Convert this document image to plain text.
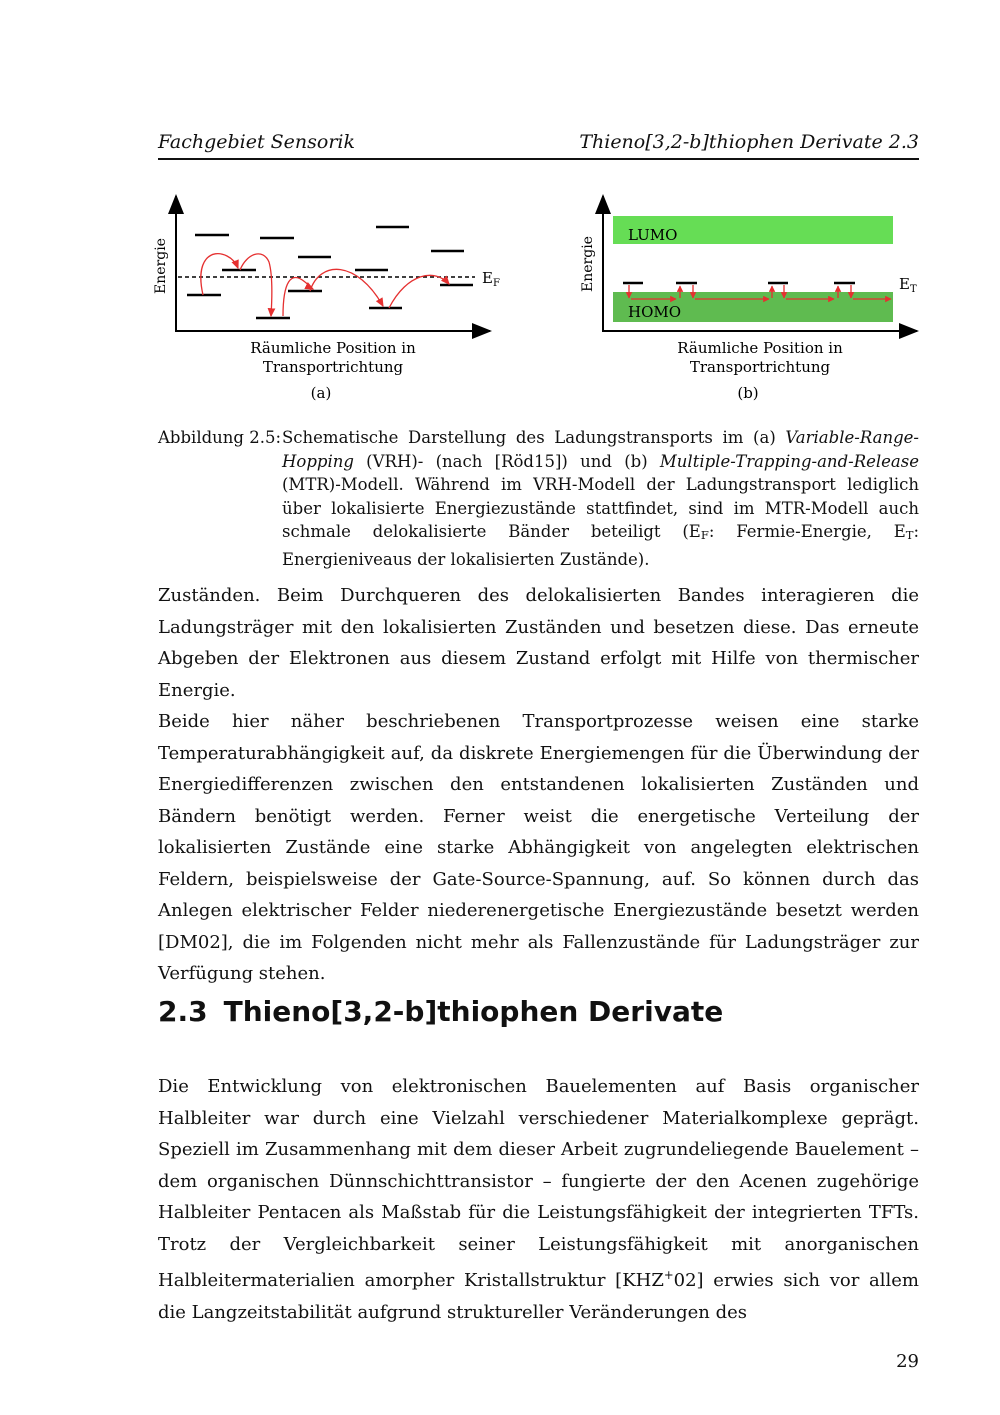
Fachgebiet Sensorik	Thieno[3,2-b]thiophen Derivate 2.3
Energie	$E_F$
Räumliche Position in
Transportrichtung
(a)
Energie
LUMO
HOMO
$E_T$
Räumliche Position in
Transportrichtung
(b)
Abbildung 2.5: Schematische Darstellung des Ladungstransports im (a) Variable-Range-Hopping (VRH)- (nach [Röd15]) und (b) Multiple-Trapping-and-Release (MTR)-Modell. Während im VRH-Modell der Ladungstransport lediglich über lokalisierte Energiezustände stattfindet, sind im MTR-Modell auch schmale delokalisierte Bänder beteiligt ($E_F$: Fermie-Energie, $E_T$: Energieniveaus der lokalisierten Zustände).

Zuständen. Beim Durchqueren des delokalisierten Bandes interagieren die Ladungsträger mit den lokalisierten Zuständen und besetzen diese. Das erneute Abgeben der Elektronen aus diesem Zustand erfolgt mit Hilfe von thermischer Energie.

Beide hier näher beschriebenen Transportprozesse weisen eine starke Temperaturabhängigkeit auf, da diskrete Energiemengen für die Überwindung der Energiedifferenzen zwischen den entstandenen lokalisierten Zuständen und Bändern benötigt werden. Ferner weist die energetische Verteilung der lokalisierten Zustände eine starke Abhängigkeit von angelegten elektrischen Feldern, beispielsweise der Gate-Source-Spannung, auf. So können durch das Anlegen elektrischer Felder niederenergetische Energiezustände besetzt werden [DM02], die im Folgenden nicht mehr als Fallenzustände für Ladungsträger zur Verfügung stehen.

2.3 Thieno[3,2-b]thiophen Derivate

Die Entwicklung von elektronischen Bauelementen auf Basis organischer Halbleiter war durch eine Vielzahl verschiedener Materialkomplexe geprägt. Speziell im Zusammenhang mit dem dieser Arbeit zugrundeliegende Bauelement – dem organischen Dünnschichttransistor – fungierte der den Acenen zugehörige Halbleiter Pentacen als Maßstab für die Leistungsfähigkeit der integrierten TFTs. Trotz der Vergleichbarkeit seiner Leistungsfähigkeit mit anorganischen Halbleitermaterialien amorpher Kristallstruktur [KHZ+02] erwies sich vor allem die Langzeitstabilität aufgrund struktureller Veränderungen des

29
